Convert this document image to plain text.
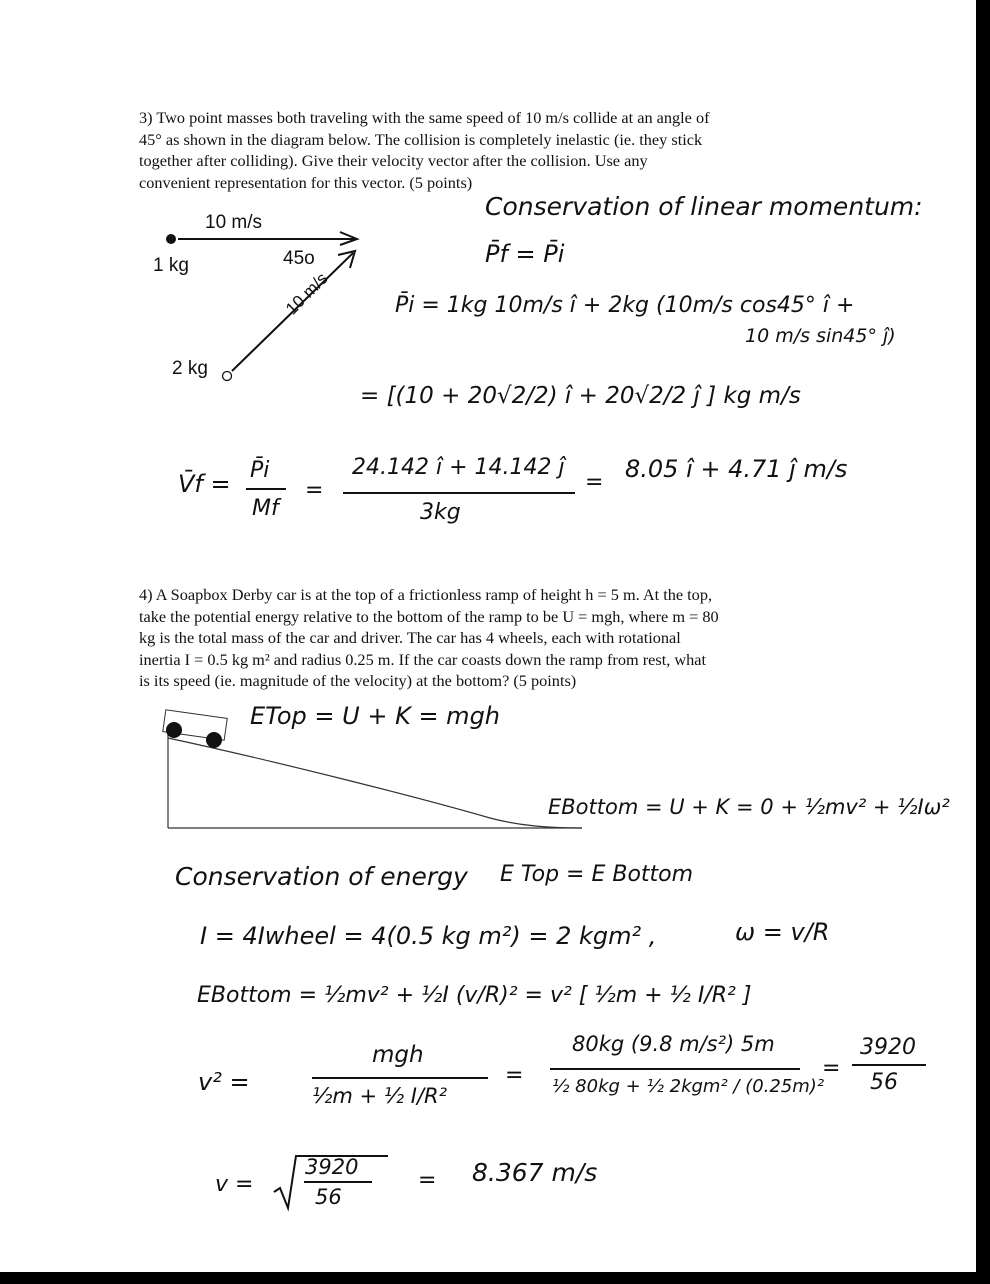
3) Two point masses both traveling with the same speed of 10 m/s collide at an angle of

45° as shown in the diagram below. The collision is completely inelastic (ie. they stick

together after colliding). Give their velocity vector after the collision. Use any

convenient representation for this vector. (5 points)

10 m/s
1 kg	45o
10 m/s
2 kg
Conservation of linear momentum:
P̄f = P̄i
P̄i = 1kg 10m/s î + 2kg (10m/s cos45° î +
10 m/s sin45° ĵ)
= [(10 + 20√2/2) î + 20√2/2 ĵ ] kg m/s
V̄f = P̄i
Mf
=
24.142 î + 14.142 ĵ
3kg
= 8.05 î + 4.71 ĵ m/s

4) A Soapbox Derby car is at the top of a frictionless ramp of height h = 5 m. At the top,

take the potential energy relative to the bottom of the ramp to be U = mgh, where m = 80

kg is the total mass of the car and driver. The car has 4 wheels, each with rotational

inertia I = 0.5 kg m² and radius 0.25 m. If the car coasts down the ramp from rest, what

is its speed (ie. magnitude of the velocity) at the bottom? (5 points)

ETop = U + K = mgh
EBottom = U + K = 0 + ½mv² + ½Iω²
Conservation of energy E Top = E Bottom
I = 4Iwheel = 4(0.5 kg m²) = 2 kgm² ,	ω = v/R
EBottom = ½mv² + ½I (v/R)² = v² [ ½m + ½ I/R² ]
v² =
mgh
½m + ½ I/R²
=
80kg (9.8 m/s²) 5m
½ 80kg + ½ 2kgm² / (0.25m)²
=
3920
56
v =
3920
56
= 8.367 m/s
